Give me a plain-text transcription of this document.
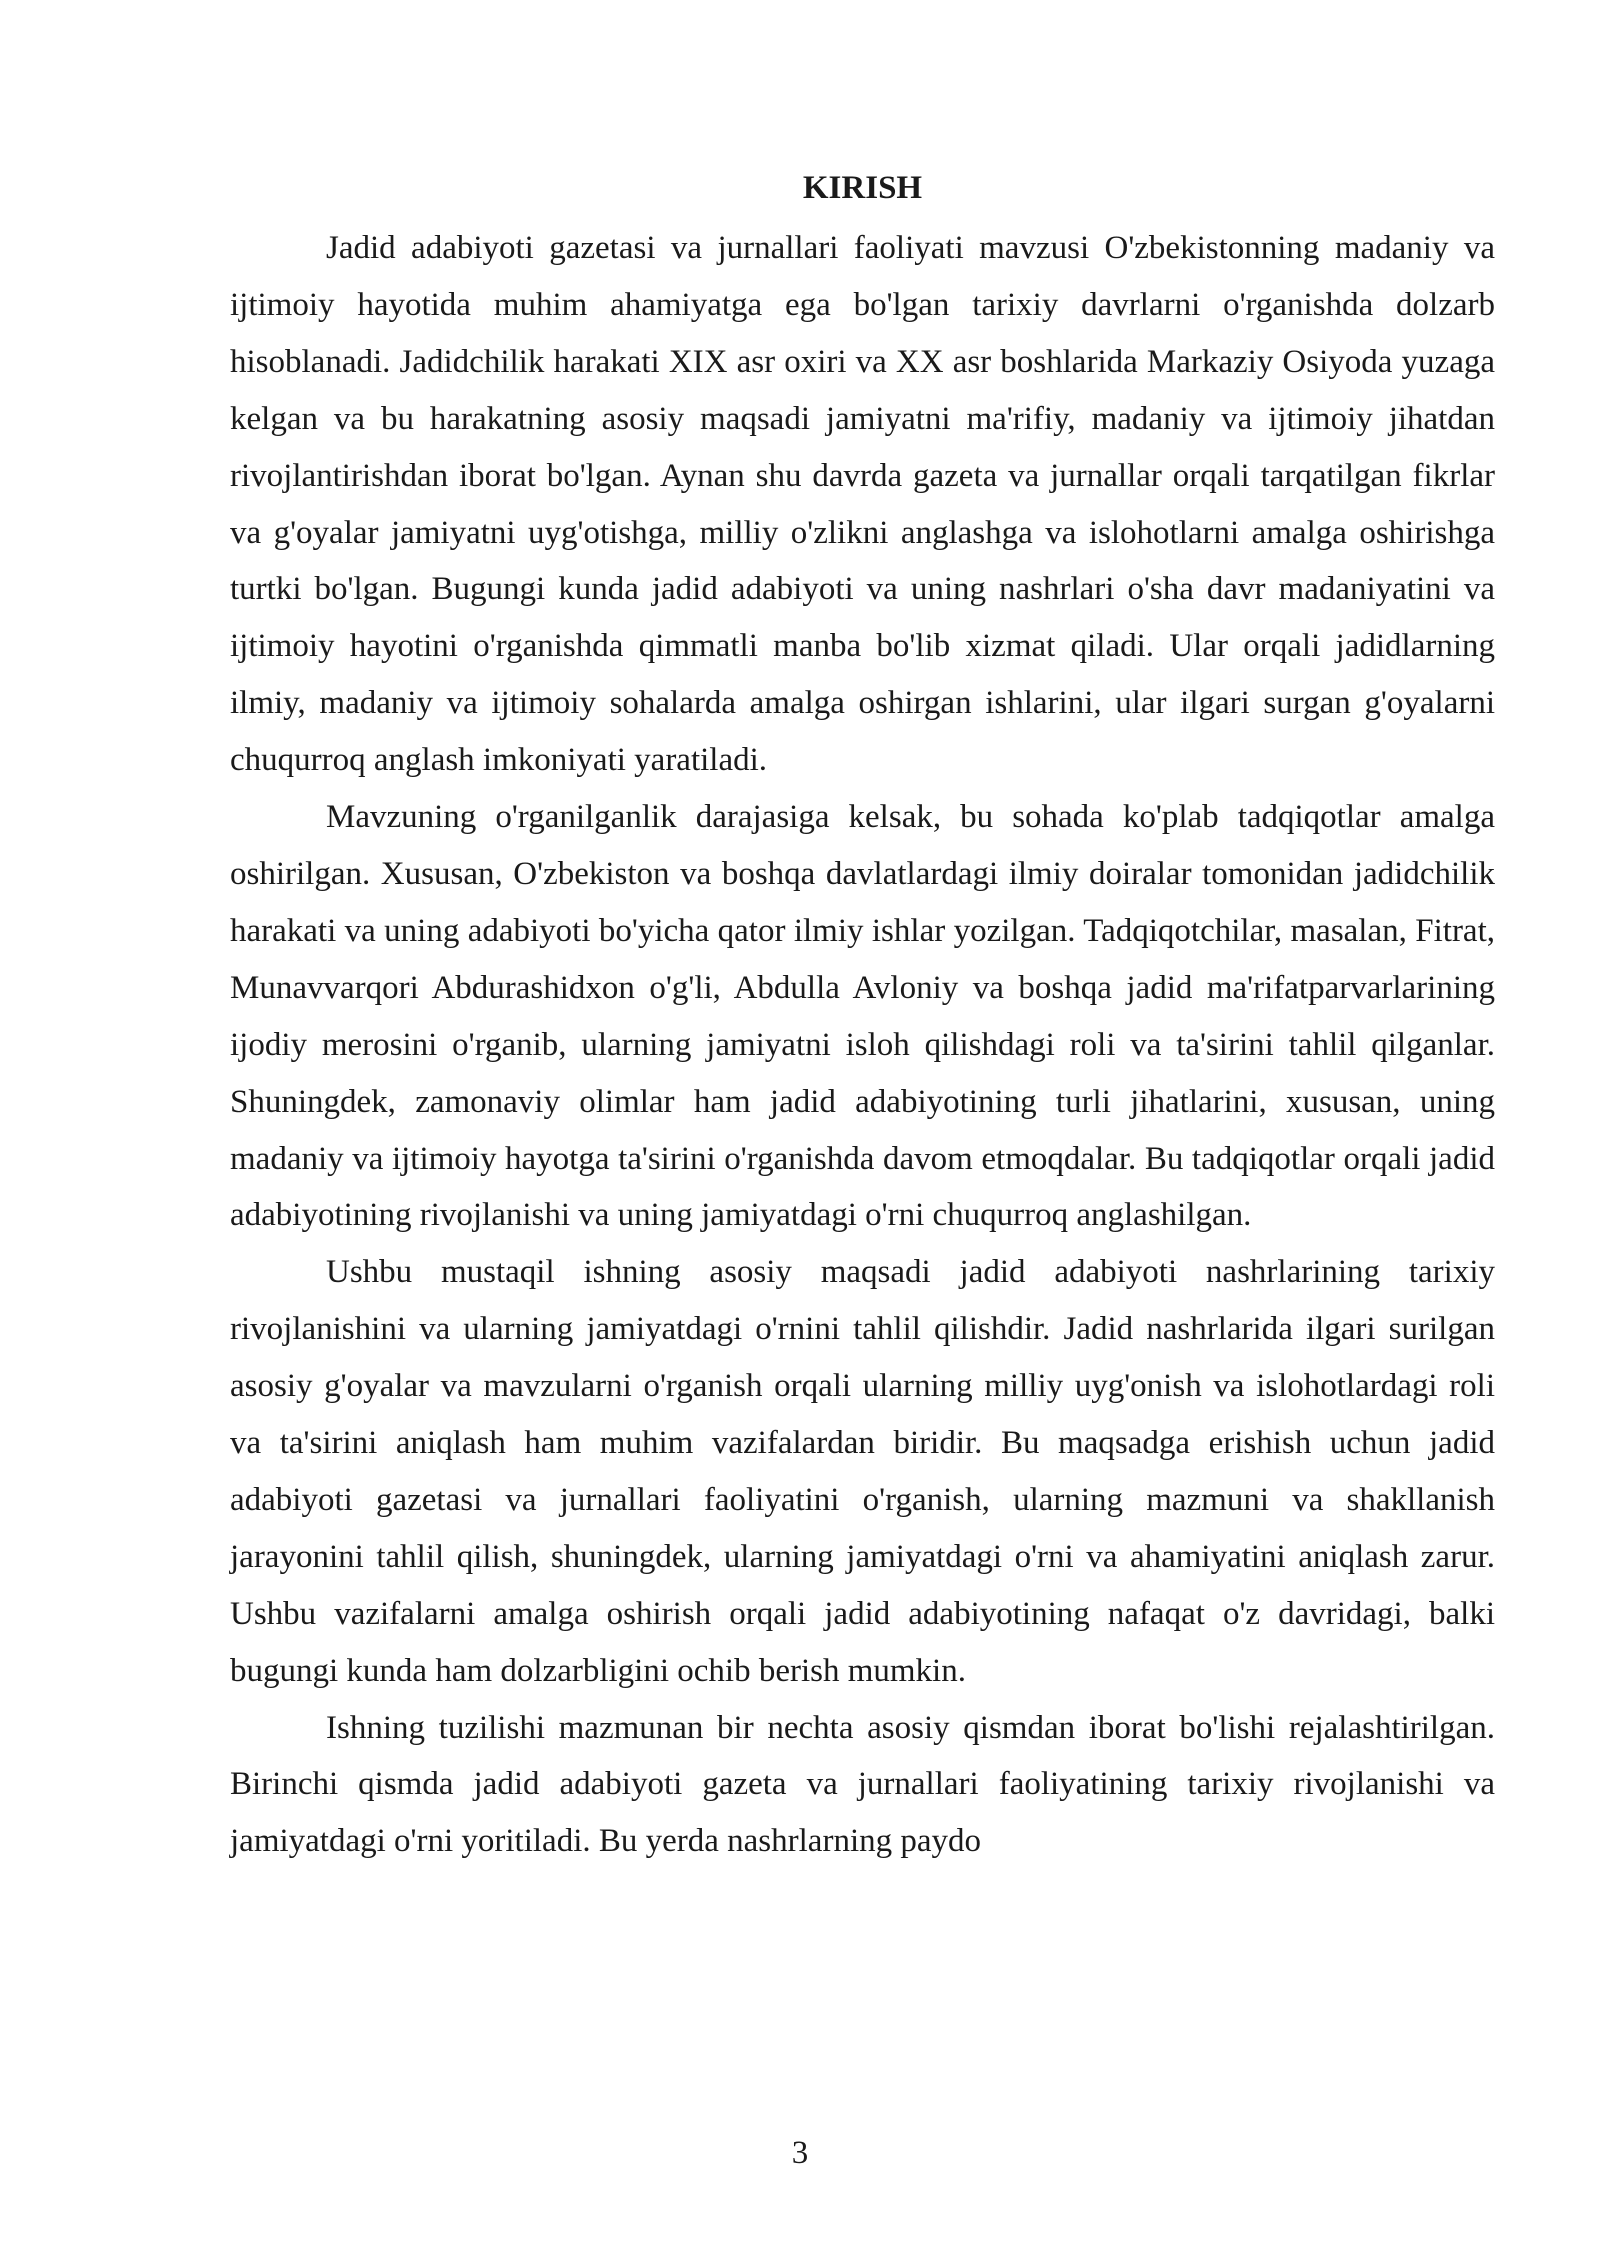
KIRISH

Jadid adabiyoti gazetasi va jurnallari faoliyati mavzusi O'zbekistonning madaniy va ijtimoiy hayotida muhim ahamiyatga ega bo'lgan tarixiy davrlarni o'rganishda dolzarb hisoblanadi. Jadidchilik harakati XIX asr oxiri va XX asr boshlarida Markaziy Osiyoda yuzaga kelgan va bu harakatning asosiy maqsadi jamiyatni ma'rifiy, madaniy va ijtimoiy jihatdan rivojlantirishdan iborat bo'lgan. Aynan shu davrda gazeta va jurnallar orqali tarqatilgan fikrlar va g'oyalar jamiyatni uyg'otishga, milliy o'zlikni anglashga va islohotlarni amalga oshirishga turtki bo'lgan. Bugungi kunda jadid adabiyoti va uning nashrlari o'sha davr madaniyatini va ijtimoiy hayotini o'rganishda qimmatli manba bo'lib xizmat qiladi. Ular orqali jadidlarning ilmiy, madaniy va ijtimoiy sohalarda amalga oshirgan ishlarini, ular ilgari surgan g'oyalarni chuqurroq anglash imkoniyati yaratiladi.

Mavzuning o'rganilganlik darajasiga kelsak, bu sohada ko'plab tadqiqotlar amalga oshirilgan. Xususan, O'zbekiston va boshqa davlatlardagi ilmiy doiralar tomonidan jadidchilik harakati va uning adabiyoti bo'yicha qator ilmiy ishlar yozilgan. Tadqiqotchilar, masalan, Fitrat, Munavvarqori Abdurashidxon o'g'li, Abdulla Avloniy va boshqa jadid ma'rifatparvarlarining ijodiy merosini o'rganib, ularning jamiyatni isloh qilishdagi roli va ta'sirini tahlil qilganlar. Shuningdek, zamonaviy olimlar ham jadid adabiyotining turli jihatlarini, xususan, uning madaniy va ijtimoiy hayotga ta'sirini o'rganishda davom etmoqdalar. Bu tadqiqotlar orqali jadid adabiyotining rivojlanishi va uning jamiyatdagi o'rni chuqurroq anglashilgan.

Ushbu mustaqil ishning asosiy maqsadi jadid adabiyoti nashrlarining tarixiy rivojlanishini va ularning jamiyatdagi o'rnini tahlil qilishdir. Jadid nashrlarida ilgari surilgan asosiy g'oyalar va mavzularni o'rganish orqali ularning milliy uyg'onish va islohotlardagi roli va ta'sirini aniqlash ham muhim vazifalardan biridir. Bu maqsadga erishish uchun jadid adabiyoti gazetasi va jurnallari faoliyatini o'rganish, ularning mazmuni va shakllanish jarayonini tahlil qilish, shuningdek, ularning jamiyatdagi o'rni va ahamiyatini aniqlash zarur. Ushbu vazifalarni amalga oshirish orqali jadid adabiyotining nafaqat o'z davridagi, balki bugungi kunda ham dolzarbligini ochib berish mumkin.

Ishning tuzilishi mazmunan bir nechta asosiy qismdan iborat bo'lishi rejalashtirilgan. Birinchi qismda jadid adabiyoti gazeta va jurnallari faoliyatining tarixiy rivojlanishi va jamiyatdagi o'rni yoritiladi. Bu yerda nashrlarning paydo

3
